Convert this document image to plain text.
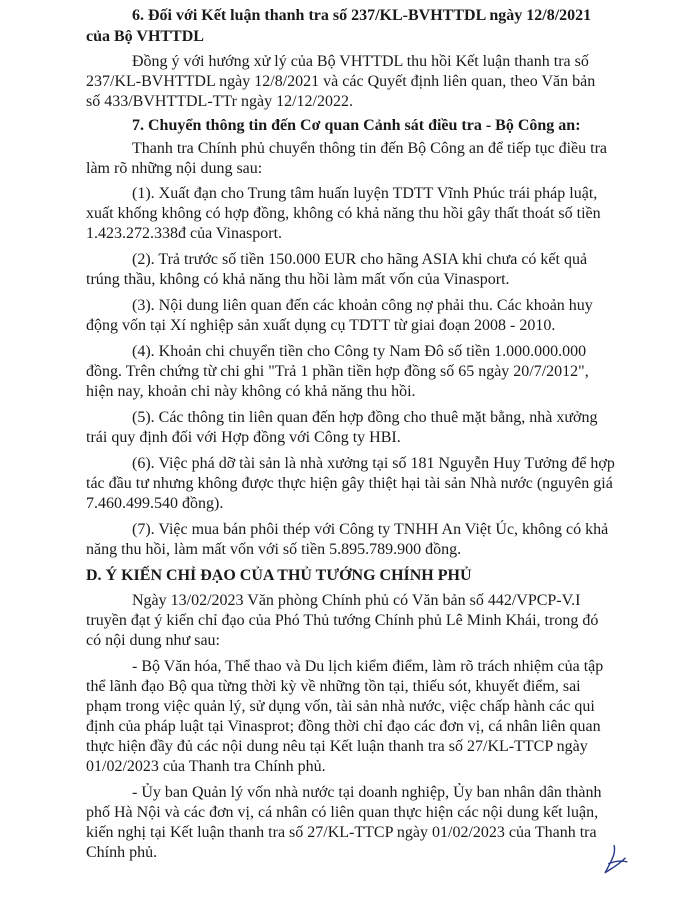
6. Đối với Kết luận thanh tra số 237/KL-BVHTTDL ngày 12/8/2021
của Bộ VHTTDL
Đồng ý với hướng xử lý của Bộ VHTTDL thu hồi Kết luận thanh tra số
237/KL-BVHTTDL ngày 12/8/2021 và các Quyết định liên quan, theo Văn bản
số 433/BVHTTDL-TTr ngày 12/12/2022.
7. Chuyển thông tin đến Cơ quan Cảnh sát điều tra - Bộ Công an:
Thanh tra Chính phủ chuyển thông tin đến Bộ Công an để tiếp tục điều tra
làm rõ những nội dung sau:
(1). Xuất đạn cho Trung tâm huấn luyện TDTT Vĩnh Phúc trái pháp luật,
xuất khống không có hợp đồng, không có khả năng thu hồi gây thất thoát số tiền
1.423.272.338đ của Vinasport.
(2). Trả trước số tiền 150.000 EUR cho hãng ASIA khi chưa có kết quả
trúng thầu, không có khả năng thu hồi làm mất vốn của Vinasport.
(3). Nội dung liên quan đến các khoản công nợ phải thu. Các khoản huy
động vốn tại Xí nghiệp sản xuất dụng cụ TDTT từ giai đoạn 2008 - 2010.
(4). Khoản chi chuyển tiền cho Công ty Nam Đô số tiền 1.000.000.000
đồng. Trên chứng từ chi ghi "Trả 1 phần tiền hợp đồng số 65 ngày 20/7/2012",
hiện nay, khoản chi này không có khả năng thu hồi.
(5). Các thông tin liên quan đến hợp đồng cho thuê mặt bằng, nhà xưởng
trái quy định đối với Hợp đồng với Công ty HBI.
(6). Việc phá dỡ tài sản là nhà xưởng tại số 181 Nguyễn Huy Tưởng để hợp
tác đầu tư nhưng không được thực hiện gây thiệt hại tài sản Nhà nước (nguyên giá
7.460.499.540 đồng).
(7). Việc mua bán phôi thép với Công ty TNHH An Việt Úc, không có khả
năng thu hồi, làm mất vốn với số tiền 5.895.789.900 đồng.
D. Ý KIẾN CHỈ ĐẠO CỦA THỦ TƯỚNG CHÍNH PHỦ
Ngày 13/02/2023 Văn phòng Chính phủ có Văn bản số 442/VPCP-V.I
truyền đạt ý kiến chỉ đạo của Phó Thủ tướng Chính phủ Lê Minh Khái, trong đó
có nội dung như sau:
- Bộ Văn hóa, Thể thao và Du lịch kiểm điểm, làm rõ trách nhiệm của tập
thể lãnh đạo Bộ qua từng thời kỳ về những tồn tại, thiếu sót, khuyết điểm, sai
phạm trong việc quản lý, sử dụng vốn, tài sản nhà nước, việc chấp hành các qui
định của pháp luật tại Vinasprot; đồng thời chỉ đạo các đơn vị, cá nhân liên quan
thực hiện đầy đủ các nội dung nêu tại Kết luận thanh tra số 27/KL-TTCP ngày
01/02/2023 của Thanh tra Chính phủ.
- Ủy ban Quản lý vốn nhà nước tại doanh nghiệp, Ủy ban nhân dân thành
phố Hà Nội và các đơn vị, cá nhân có liên quan thực hiện các nội dung kết luận,
kiến nghị tại Kết luận thanh tra số 27/KL-TTCP ngày 01/02/2023 của Thanh tra
Chính phủ.
